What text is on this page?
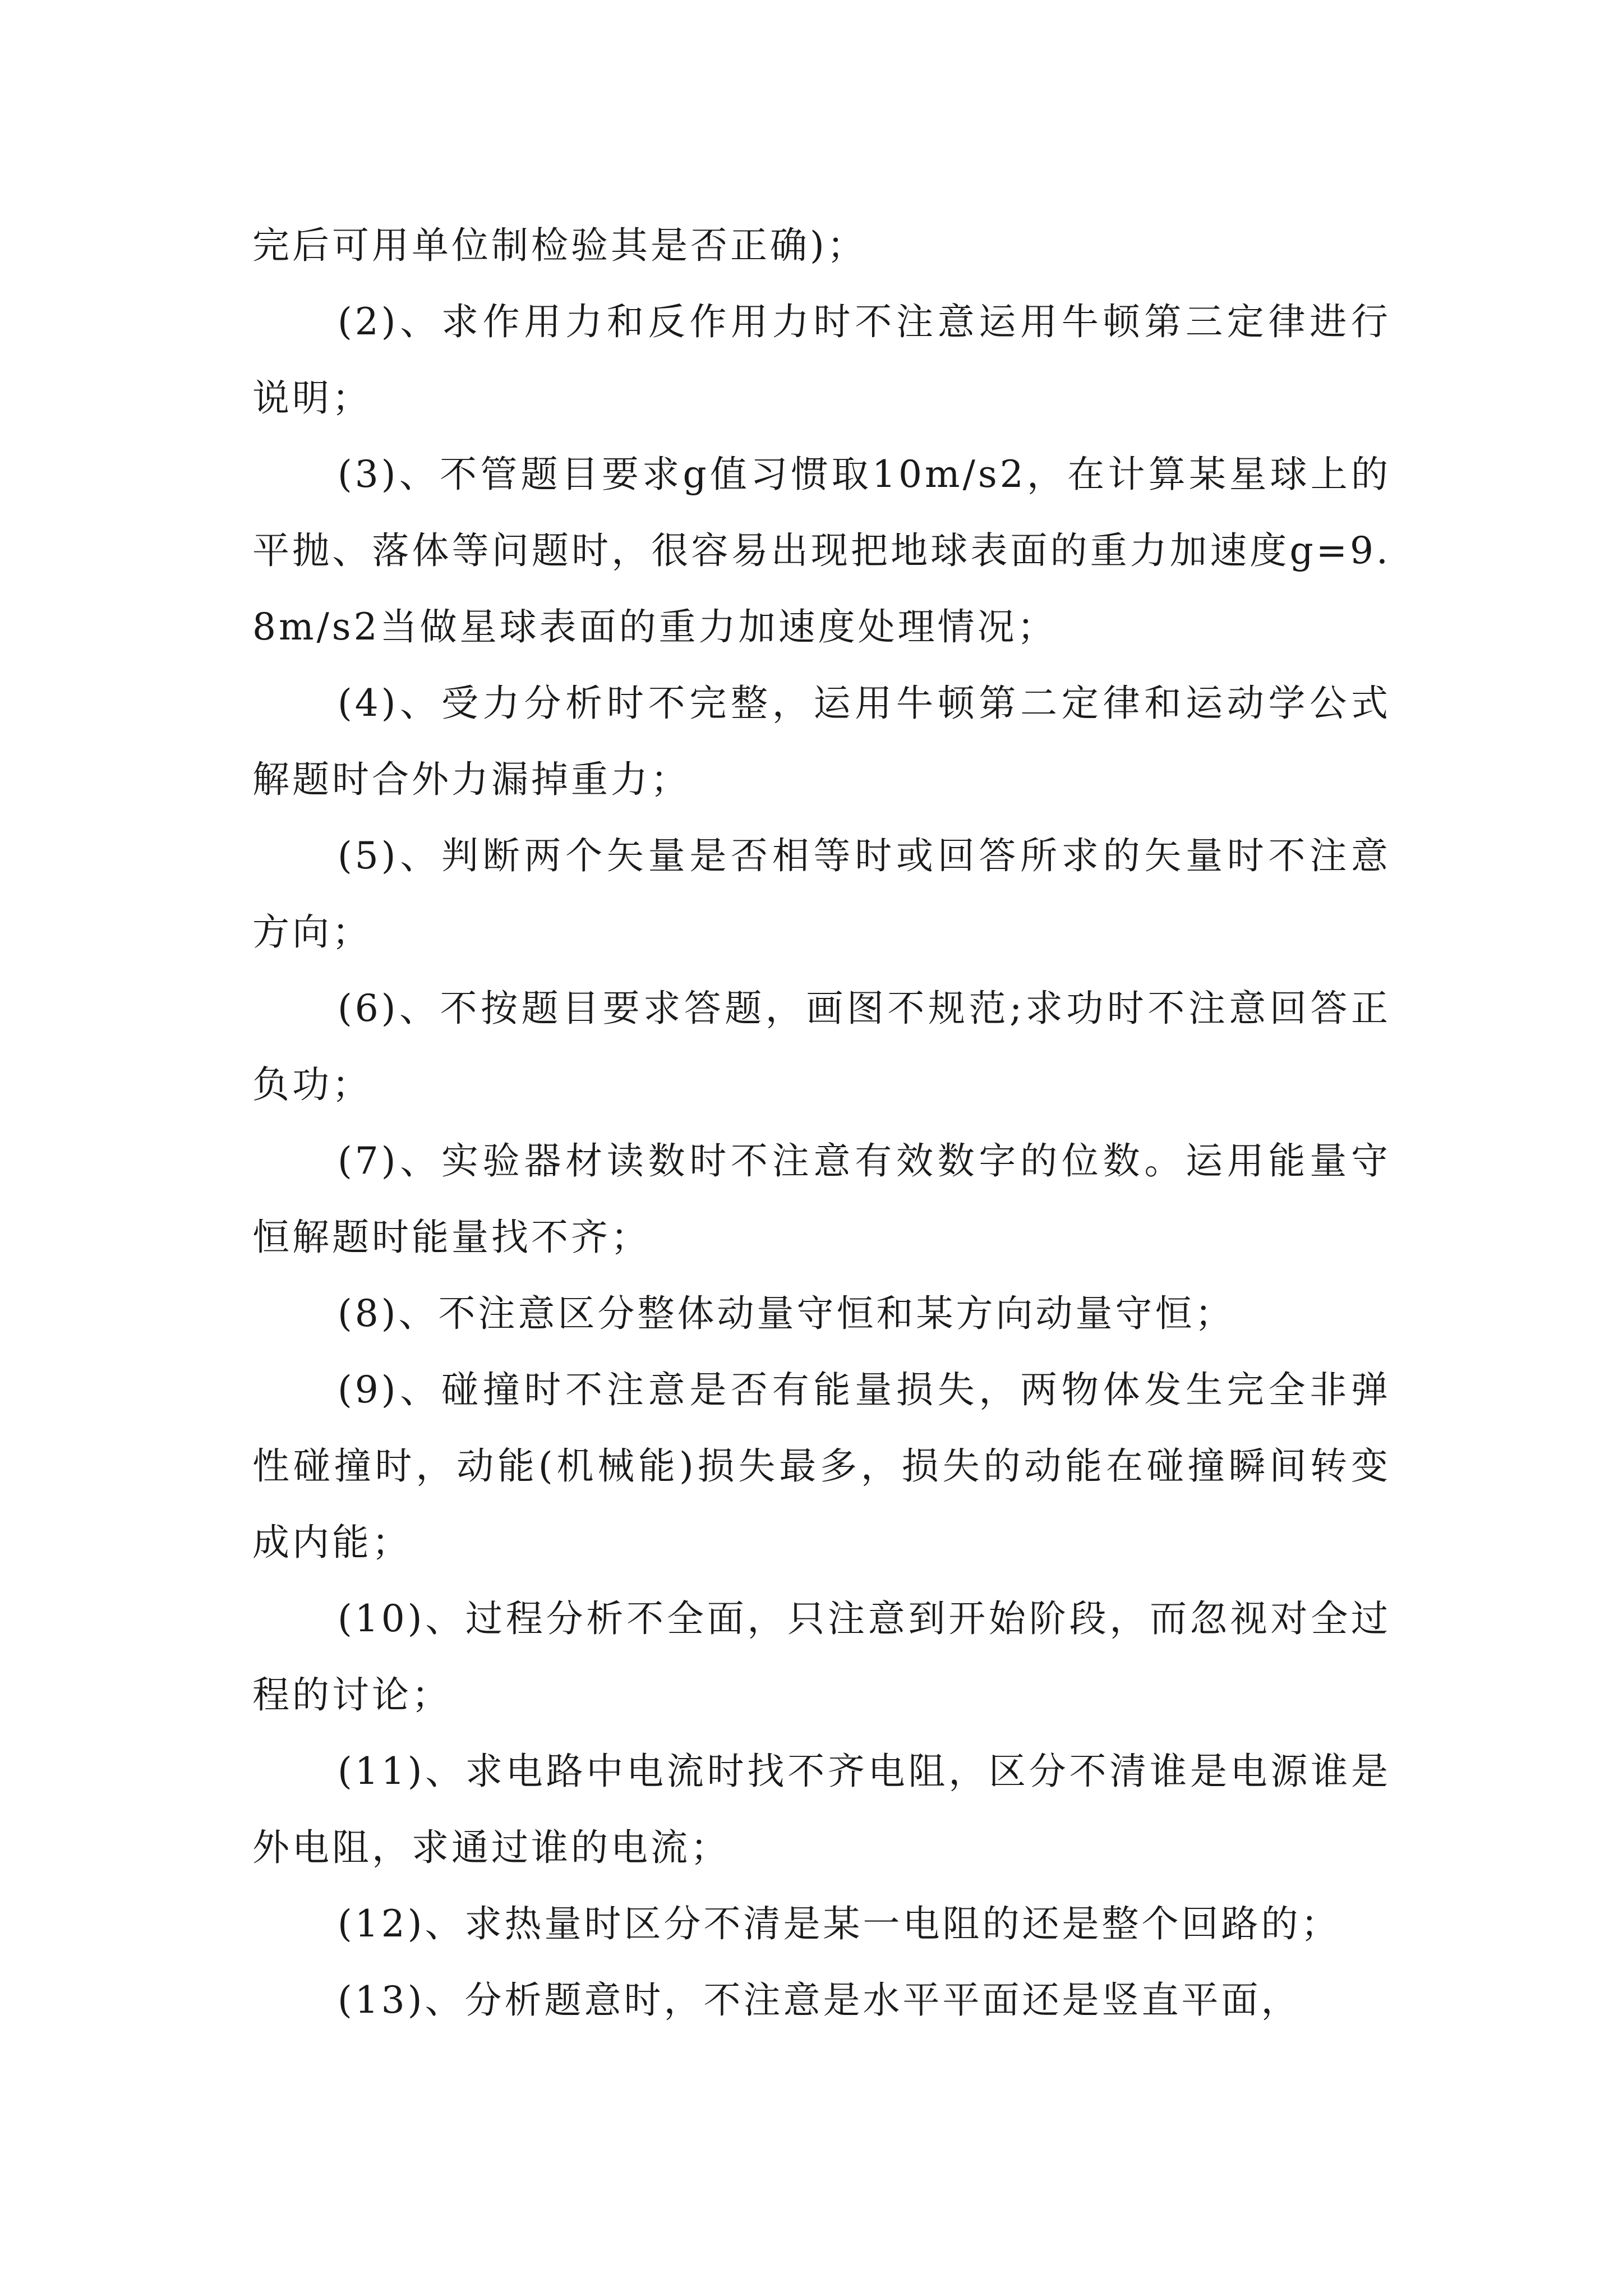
完后可用单位制检验其是否正确)；

(2)、求作用力和反作用力时不注意运用牛顿第三定律进行说明；

(3)、不管题目要求g值习惯取10m/s2，在计算某星球上的平抛、落体等问题时，很容易出现把地球表面的重力加速度g=9.8m/s2当做星球表面的重力加速度处理情况；

(4)、受力分析时不完整，运用牛顿第二定律和运动学公式解题时合外力漏掉重力；

(5)、判断两个矢量是否相等时或回答所求的矢量时不注意方向；

(6)、不按题目要求答题，画图不规范;求功时不注意回答正负功；

(7)、实验器材读数时不注意有效数字的位数。运用能量守恒解题时能量找不齐；

(8)、不注意区分整体动量守恒和某方向动量守恒；

(9)、碰撞时不注意是否有能量损失，两物体发生完全非弹性碰撞时，动能(机械能)损失最多，损失的动能在碰撞瞬间转变成内能；

(10)、过程分析不全面，只注意到开始阶段，而忽视对全过程的讨论；

(11)、求电路中电流时找不齐电阻，区分不清谁是电源谁是外电阻，求通过谁的电流；

(12)、求热量时区分不清是某一电阻的还是整个回路的；

(13)、分析题意时，不注意是水平平面还是竖直平面，
